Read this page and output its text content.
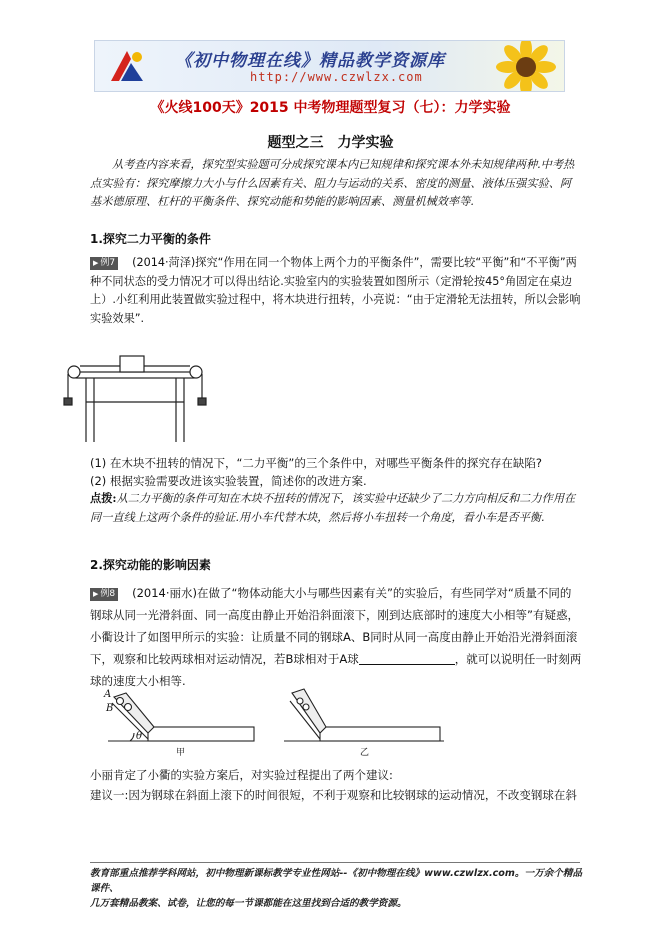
《初中物理在线》精品教学资源库
http://www.czwlzx.com
《火线100天》2015 中考物理题型复习（七）：力学实验
题型之三　力学实验
从考查内容来看，探究型实验题可分成探究课本内已知规律和探究课本外未知规律两种.中考热点实验有：探究摩擦力大小与什么因素有关、阻力与运动的关系、密度的测量、液体压强实验、阿基米德原理、杠杆的平衡条件、探究动能和势能的影响因素、测量机械效率等.
1.探究二力平衡的条件
▶ 例7 (2014·菏泽)探究“作用在同一个物体上两个力的平衡条件”，需要比较“平衡”和“不平衡”两种不同状态的受力情况才可以得出结论.实验室内的实验装置如图所示（定滑轮按45°角固定在桌边上）.小红利用此装置做实验过程中，将木块进行扭转，小亮说：“由于定滑轮无法扭转，所以会影响实验效果”.
(1) 在木块不扭转的情况下，“二力平衡”的三个条件中，对哪些平衡条件的探究存在缺陷?
(2) 根据实验需要改进该实验装置，简述你的改进方案.
点拨:从二力平衡的条件可知在木块不扭转的情况下，该实验中还缺少了二力方向相反和二力作用在同一直线上这两个条件的验证.用小车代替木块，然后将小车扭转一个角度，看小车是否平衡.
2.探究动能的影响因素
▶ 例8 (2014·丽水)在做了“物体动能大小与哪些因素有关”的实验后，有些同学对“质量不同的钢球从同一光滑斜面、同一高度由静止开始沿斜面滚下，刚到达底部时的速度大小相等”有疑惑，小衢设计了如图甲所示的实验：让质量不同的钢球A、B同时从同一高度由静止开始沿光滑斜面滚下，观察和比较两球相对运动情况，若B球相对于A球	，就可以说明任一时刻两球的速度大小相等.
A
B
θ
甲	乙
小丽肯定了小衢的实验方案后，对实验过程提出了两个建议:
建议一:因为钢球在斜面上滚下的时间很短，不利于观察和比较钢球的运动情况，不改变钢球在斜
教育部重点推荐学科网站，初中物理新课标教学专业性网站--《初中物理在线》www.czwlzx.com。一万余个精品课件、
几万套精品教案、试卷，让您的每一节课都能在这里找到合适的教学资源。
